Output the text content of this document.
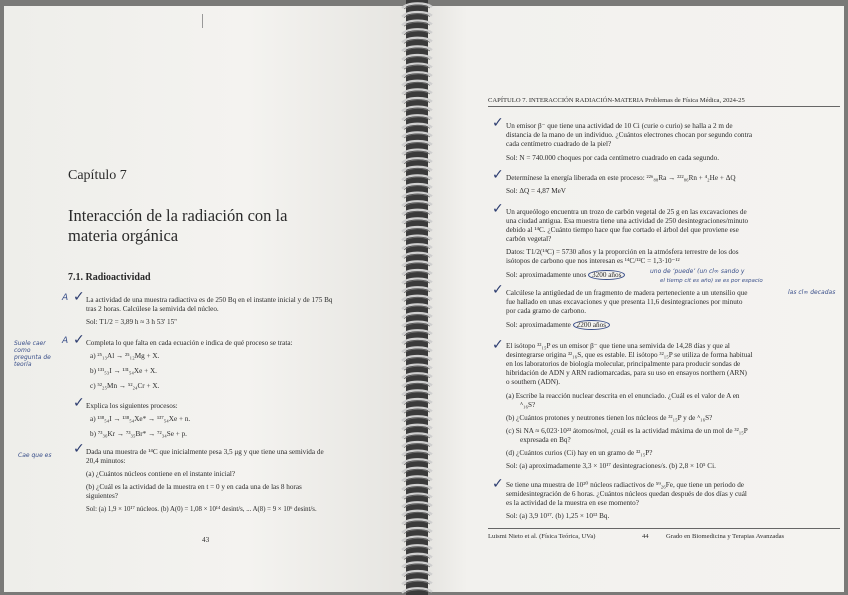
Capítulo 7
Interacción de la radiación con la
materia orgánica
7.1. Radioactividad
A ✓ La actividad de una muestra radiactiva es de 250 Bq en el instante inicial y de 175 Bq
tras 2 horas. Calcúlese la semivida del núcleo.
Sol: T1/2 = 3,89 h ≈ 3 h 53' 15''
Suele caer como pregunta de teoría
A ✓ Completa lo que falta en cada ecuación e indica de qué proceso se trata:
a) ²⁵₁₃Al → ²⁵₁₂Mg + X.
b) ¹³¹₅₃I → ¹³¹₅₄Xe + X.
c) ⁵²₂₅Mn → ⁵²₂₄Cr + X.
✓ Explica los siguientes procesos:
a) ¹³⁸₅₄I → ¹³⁸₅₄Xe* → ¹³⁷₅₄Xe + n.
b) ⁷³₃₆Kr → ⁷³₃₅Br* → ⁷²₃₄Se + p.
Cae que es ✓ Dada una muestra de ¹⁴C que inicialmente pesa 3,5 μg y que tiene una semivida de
20,4 minutos:
(a) ¿Cuántos núcleos contiene en el instante inicial?
(b) ¿Cuál es la actividad de la muestra en t = 0 y en cada una de las 8 horas
siguientes?
Sol: (a) 1,9 × 10¹⁷ núcleos. (b) A(0) = 1,08 × 10¹⁴ desint/s, ... A(8) = 9 × 10⁶ desint/s.
43
CAPÍTULO 7. INTERACCIÓN RADIACIÓN-MATERIA Problemas de Física Médica, 2024-25
✓ Un emisor β⁻ que tiene una actividad de 10 Ci (curie o curio) se halla a 2 m de
distancia de la mano de un individuo. ¿Cuántos electrones chocan por segundo contra
cada centímetro cuadrado de la piel?
Sol: N = 740.000 choques por cada centímetro cuadrado en cada segundo.
✓ Determínese la energía liberada en este proceso: ²²⁶₈₈Ra → ²²²₈₆Rn + ⁴₂He + ΔQ
Sol: ΔQ = 4,87 MeV
✓ Un arqueólogo encuentra un trozo de carbón vegetal de 25 g en las excavaciones de
una ciudad antigua. Esa muestra tiene una actividad de 250 desintegraciones/minuto
debido al ¹⁴C. ¿Cuánto tiempo hace que fue cortado el árbol del que proviene ese
carbón vegetal?
Datos: T1/2(¹⁴C) = 5730 años y la proporción en la atmósfera terrestre de los dos
isótopos de carbono que nos interesan es ¹⁴C/¹²C = 1,3·10⁻¹²
Sol: aproximadamente unos 3200 años	uno de ‘puede’ (un cl∞ sando y
el tiemp cit es año) se es por espacio
las cl∞ decadas
✓ Calcúlese la antigüedad de un fragmento de madera perteneciente a un utensilio que
fue hallado en unas excavaciones y que presenta 11,6 desintegraciones por minuto
por cada gramo de carbono.
Sol: aproximadamente 2200 años
✓ El isótopo ³²₁₅P es un emisor β⁻ que tiene una semivida de 14,28 días y que al
desintegrarse origina ³²₁₆S, que es estable. El isótopo ³²₁₅P se utiliza de forma habitual
en los laboratorios de biología molecular, principalmente para producir sondas de
hibridación de ADN y ARN radiomarcadas, para su uso en ensayos northern (ARN)
o southern (ADN).
(a) Escribe la reacción nuclear descrita en el enunciado. ¿Cuál es el valor de A en
ᴬ₁₆S?
(b) ¿Cuántos protones y neutrones tienen los núcleos de ³²₁₅P y de ᴬ₁₆S?
(c) Si NA ≈ 6,023·10²³ átomos/mol, ¿cuál es la actividad máxima de un mol de ³²₁₅P
expresada en Bq?
(d) ¿Cuántos curios (Ci) hay en un gramo de ³²₁₅P?
Sol: (a) aproximadamente 3,3 × 10¹⁷ desintegraciones/s. (b) 2,8 × 10⁵ Ci.
✓ Se tiene una muestra de 10²⁰ núcleos radiactivos de ⁵⁹₂₆Fe, que tiene un periodo de
semidesintegración de 6 horas. ¿Cuántos núcleos quedan después de dos días y cuál
es la actividad de la muestra en ese momento?
Sol: (a) 3,9 10¹⁷. (b) 1,25 × 10¹³ Bq.
Luismi Nieto et al. (Física Teórica, UVa)	44	Grado en Biomedicina y Terapias Avanzadas
